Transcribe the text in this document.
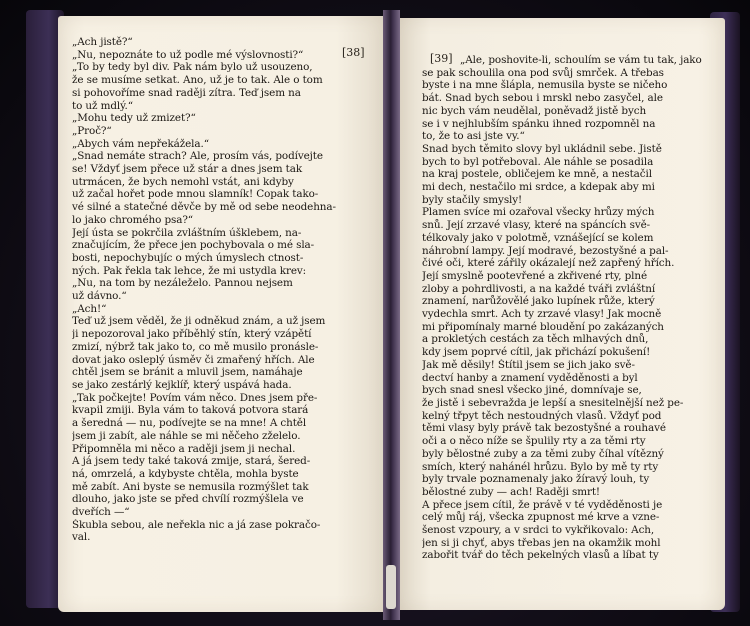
[38]
„Ach jistě?“
„Nu, nepoznáte to už podle mé výslovnosti?“
„To by tedy byl div. Pak nám bylo už usouzeno,
že se musíme setkat. Ano, už je to tak. Ale o tom
si pohovoříme snad raději zítra. Teď jsem na
to už mdlý.“
„Mohu tedy už zmizet?“
„Proč?“
„Abych vám nepřekážela.“
„Snad nemáte strach? Ale, prosím vás, podívejte
se! Vždyť jsem přece už stár a dnes jsem tak
utrmácen, že bych nemohl vstát, ani kdyby
už začal hořet pode mnou slamník! Copak tako-
vé silné a statečné děvče by mě od sebe neodehna-
lo jako chromého psa?“
Její ústa se pokrčila zvláštním úšklebem, na-
značujícím, že přece jen pochybovala o mé sla-
bosti, nepochybujíc o mých úmyslech ctnost-
ných. Pak řekla tak lehce, že mi ustydla krev:
„Nu, na tom by nezáleželo. Pannou nejsem
už dávno.“
„Ach!“
Teď už jsem věděl, že ji odněkud znám, a už jsem
ji nepozoroval jako příběhlý stín, který vzápětí
zmizí, nýbrž tak jako to, co mě musilo pronásle-
dovat jako osleplý úsměv či zmařený hřích. Ale
chtěl jsem se bránit a mluvil jsem, namáhaje
se jako zestárlý kejklíř, který uspává hada.
„Tak počkejte! Povím vám něco. Dnes jsem pře-
kvapil zmiji. Byla vám to taková potvora stará
a šeredná — nu, podívejte se na mne! A chtěl
jsem ji zabít, ale náhle se mi něčeho zželelo.
Připomněla mi něco a raději jsem ji nechal.
A já jsem tedy také taková zmije, stará, šered-
ná, omrzelá, a kdybyste chtěla, mohla byste
mě zabít. Ani byste se nemusila rozmýšlet tak
dlouho, jako jste se před chvílí rozmýšlela ve
dveřích —“
Škubla sebou, ale neřekla nic a já zase pokračo-
val.
[39] „Ale, poshovite-li, schoulím se vám tu tak, jako
se pak schoulila ona pod svůj smrček. A třebas
byste i na mne šlápla, nemusila byste se ničeho
bát. Snad bych sebou i mrskl nebo zasyčel, ale
nic bych vám neudělal, poněvadž jistě bych
se i v nejhlubším spánku ihned rozpomněl na
to, že to asi jste vy.“
Snad bych těmito slovy byl ukládnil sebe. Jistě
bych to byl potřeboval. Ale náhle se posadila
na kraj postele, obličejem ke mně, a nestačil
mi dech, nestačilo mi srdce, a kdepak aby mi
byly stačily smysly!
Plamen svíce mi ozařoval všecky hrůzy mých
snů. Její zrzavé vlasy, které na spáncích svě-
télkovaly jako v polotmě, vznášející se kolem
náhrobní lampy. Její modravé, bezostyšné a pal-
čivé oči, které zářily okázalejí než zapřený hřích.
Její smyslně pootevřené a zkřivené rty, plné
zloby a pohrdlivosti, a na každé tváři zvláštní
znamení, narůžovělé jako lupínek růže, který
vydechla smrt. Ach ty zrzavé vlasy! Jak mocně
mi připomínaly marné bloudění po zakázaných
a prokletých cestách za těch mlhavých dnů,
kdy jsem poprvé cítil, jak přichází pokušení!
Jak mě děsily! Štítil jsem se jich jako svě-
dectví hanby a znamení vyděděnosti a byl
bych snad snesl všecko jiné, domnívaje se,
že jistě i sebevražda je lepší a snesitelnější než pe-
kelný třpyt těch nestoudných vlasů. Vždyť pod
těmi vlasy byly právě tak bezostyšné a rouhavé
oči a o něco níže se špulily rty a za těmi rty
byly bělostné zuby a za těmi zuby číhal vítězný
smích, který nahánél hrůzu. Bylo by mě ty rty
byly trvale poznamenaly jako žíravý louh, ty
bělostné zuby — ach! Raději smrt!
A přece jsem cítil, že právě v té vyděděnosti je
celý můj ráj, všecka zpupnost mé krve a vzne-
šenost vzpoury, a v srdci to vykřikovalo: Ach,
jen si ji chyť, abys třebas jen na okamžik mohl
zabořit tvář do těch pekelných vlasů a líbat ty
